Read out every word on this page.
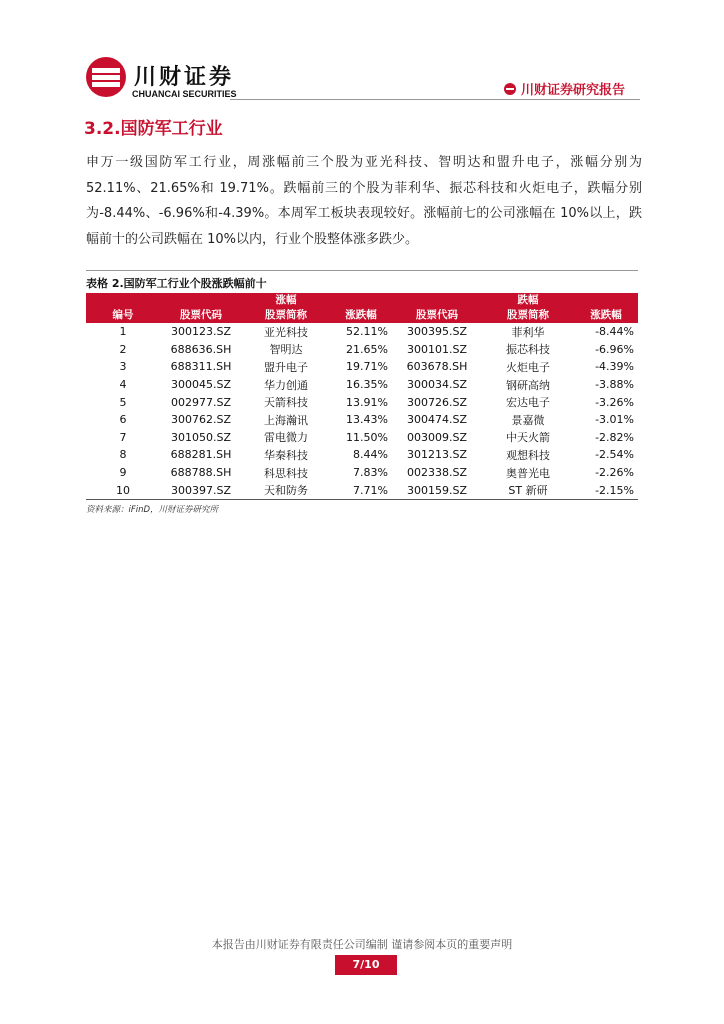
川财证券
CHUANCAI SECURITIES	川财证券研究报告
3.2.国防军工行业
申万一级国防军工行业，周涨幅前三个股为亚光科技、智明达和盟升电子，涨幅分别为 52.11%、21.65%和 19.71%。跌幅前三的个股为菲利华、振芯科技和火炬电子，跌幅分别为-8.44%、-6.96%和-4.39%。本周军工板块表现较好。涨幅前七的公司涨幅在 10%以上，跌幅前十的公司跌幅在 10%以内，行业个股整体涨多跌少。
表格 2.国防军工行业个股涨跌幅前十
		涨幅			跌幅	
编号	股票代码	股票简称	涨跌幅	股票代码	股票简称	涨跌幅
1	300123.SZ	亚光科技	52.11%	300395.SZ	菲利华	-8.44%
2	688636.SH	智明达	21.65%	300101.SZ	振芯科技	-6.96%
3	688311.SH	盟升电子	19.71%	603678.SH	火炬电子	-4.39%
4	300045.SZ	华力创通	16.35%	300034.SZ	钢研高纳	-3.88%
5	002977.SZ	天箭科技	13.91%	300726.SZ	宏达电子	-3.26%
6	300762.SZ	上海瀚讯	13.43%	300474.SZ	景嘉微	-3.01%
7	301050.SZ	雷电微力	11.50%	003009.SZ	中天火箭	-2.82%
8	688281.SH	华秦科技	8.44%	301213.SZ	观想科技	-2.54%
9	688788.SH	科思科技	7.83%	002338.SZ	奥普光电	-2.26%
10	300397.SZ	天和防务	7.71%	300159.SZ	ST 新研	-2.15%
资料来源：iFinD，川财证券研究所
本报告由川财证券有限责任公司编制 谨请参阅本页的重要声明
7/10
